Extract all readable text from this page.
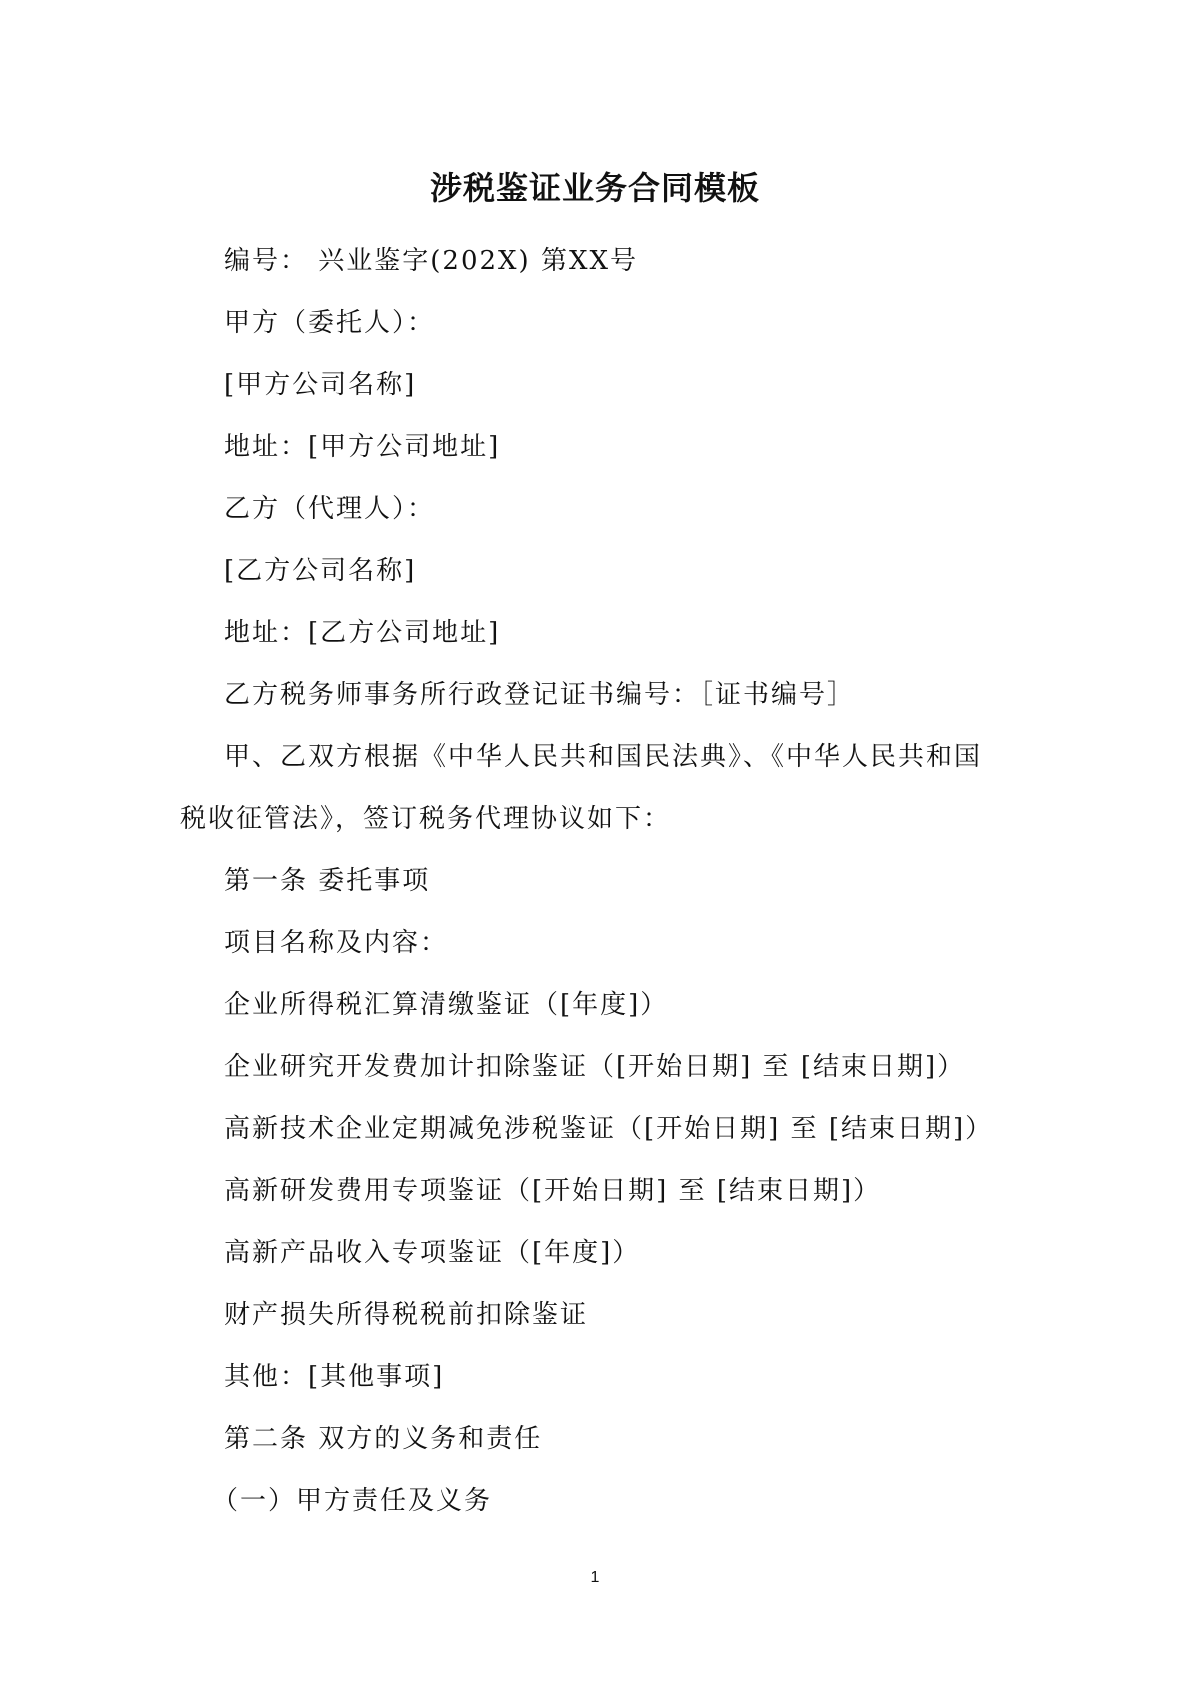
涉税鉴证业务合同模板

编号： 兴业鉴字(202X) 第XX号

甲方（委托人）：

[甲方公司名称]

地址：[甲方公司地址]

乙方（代理人）：

[乙方公司名称]

地址：[乙方公司地址]

乙方税务师事务所行政登记证书编号：［证书编号］

甲、乙双方根据《中华人民共和国民法典》、《中华人民共和国

税收征管法》，签订税务代理协议如下：

第一条 委托事项

项目名称及内容：

企业所得税汇算清缴鉴证（[年度]）

企业研究开发费加计扣除鉴证（[开始日期] 至 [结束日期]）

高新技术企业定期减免涉税鉴证（[开始日期] 至 [结束日期]）

高新研发费用专项鉴证（[开始日期] 至 [结束日期]）

高新产品收入专项鉴证（[年度]）

财产损失所得税税前扣除鉴证

其他：[其他事项]

第二条 双方的义务和责任

（一）甲方责任及义务

1
